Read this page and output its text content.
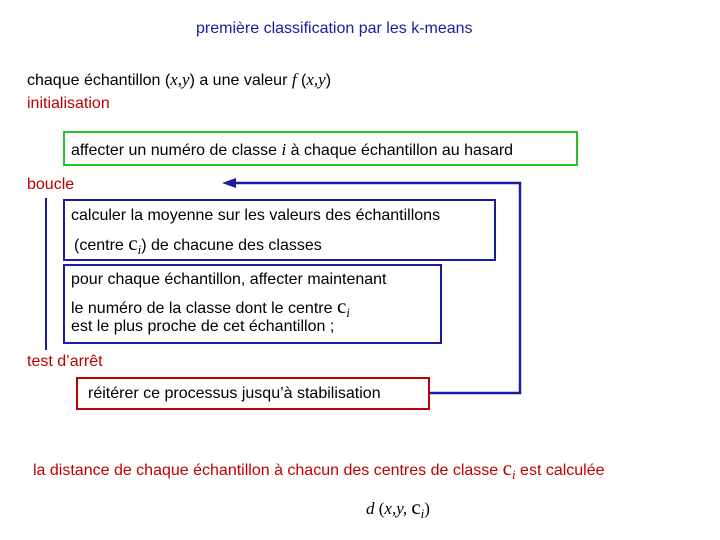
première classification par les k-means
chaque échantillon (x,y) a une valeur f (x,y)
initialisation
affecter un numéro de classe i à chaque échantillon au hasard
boucle
calculer la moyenne sur les valeurs des échantillons
(centre $c_i$) de chacune des classes
pour chaque échantillon, affecter maintenant
le numéro de la classe dont le centre $c_i$
est le plus proche de cet échantillon ;
test d’arrêt
réitérer ce processus jusqu’à stabilisation
la distance de chaque échantillon à chacun des centres de classe $c_i$ est calculée
d (x,y, $c_i$)
